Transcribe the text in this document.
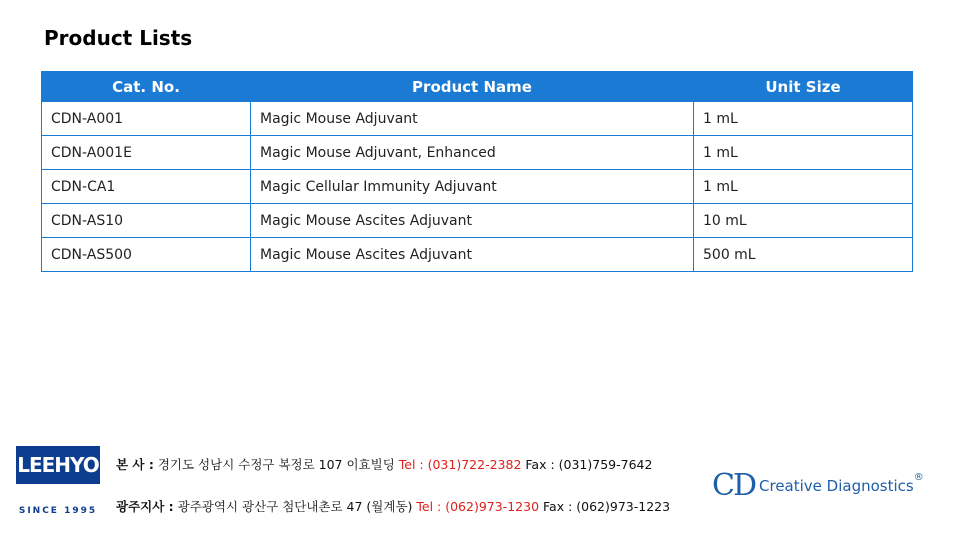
Product Lists
Cat. No.	Product Name	Unit Size
CDN-A001	Magic Mouse Adjuvant	1 mL
CDN-A001E	Magic Mouse Adjuvant, Enhanced	1 mL
CDN-CA1	Magic Cellular Immunity Adjuvant	1 mL
CDN-AS10	Magic Mouse Ascites Adjuvant	10 mL
CDN-AS500	Magic Mouse Ascites Adjuvant	500 mL
LEEHYO
SINCE 1995
본 사 : 경기도 성남시 수정구 복정로 107 이효빌딩 Tel : (031)722-2382 Fax : (031)759-7642
광주지사 : 광주광역시 광산구 첨단내촌로 47 (월계동) Tel : (062)973-1230 Fax : (062)973-1223
CD Creative Diagnostics®
